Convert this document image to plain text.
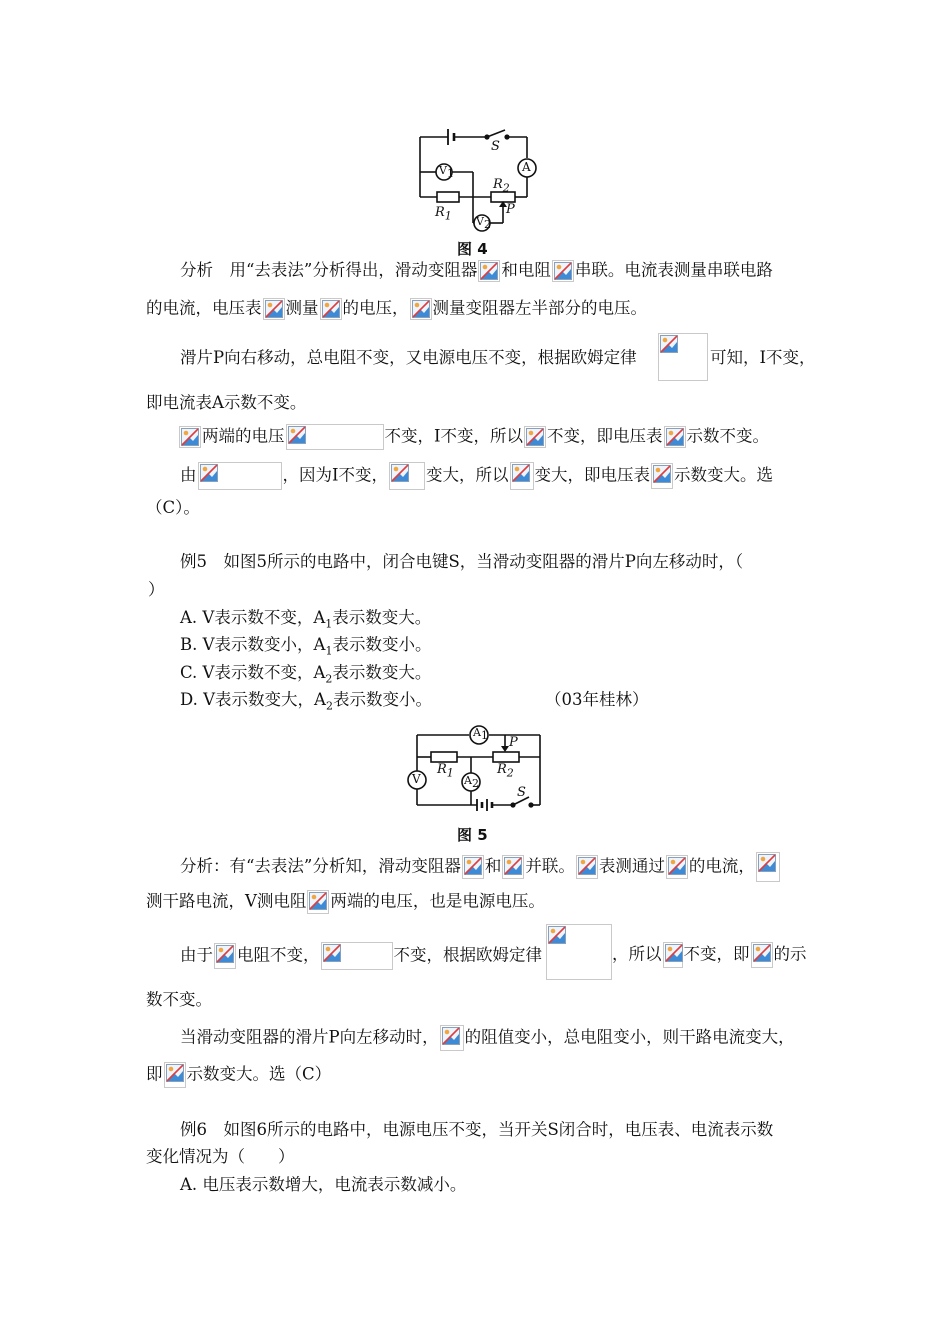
S
A
$V_1$
$R_1$
$R_2$
$V_2$
P
图 4
分析　用“去表法”分析得出，滑动变阻器 和电阻 串联。电流表测量串联电路
的电流，电压表 测量 的电压， 测量变阻器左半部分的电压。
滑片P向右移动，总电阻不变，又电源电压不变，根据欧姆定律	可知，I不变，
即电流表A示数不变。
两端的电压	不变，I不变，所以 不变，即电压表 示数不变。
由	，因为I不变， 变大，所以 变大，即电压表 示数变大。选
（C）。
例5　如图5所示的电路中，闭合电键S，当滑动变阻器的滑片P向左移动时，（
）
A. V表示数不变，$A_1$表示数变大。
B. V表示数变小，$A_1$表示数变小。
C. V表示数不变，$A_2$表示数变大。
D. V表示数变大，$A_2$表示数变小。	（03年桂林）
$A_1$ P
$R_1$	$R_2$
V	$A_2$
S
图 5
分析：有“去表法”分析知，滑动变阻器 和 并联。 表测通过 的电流，
测干路电流，V测电阻 两端的电压，也是电源电压。
由于 电阻不变，	不变，根据欧姆定律	，所以 不变，即 的示
数不变。
当滑动变阻器的滑片P向左移动时， 的阻值变小，总电阻变小，则干路电流变大，
即 示数变大。选（C）
例6　如图6所示的电路中，电源电压不变，当开关S闭合时，电压表、电流表示数
变化情况为（　　）
A. 电压表示数增大，电流表示数减小。
